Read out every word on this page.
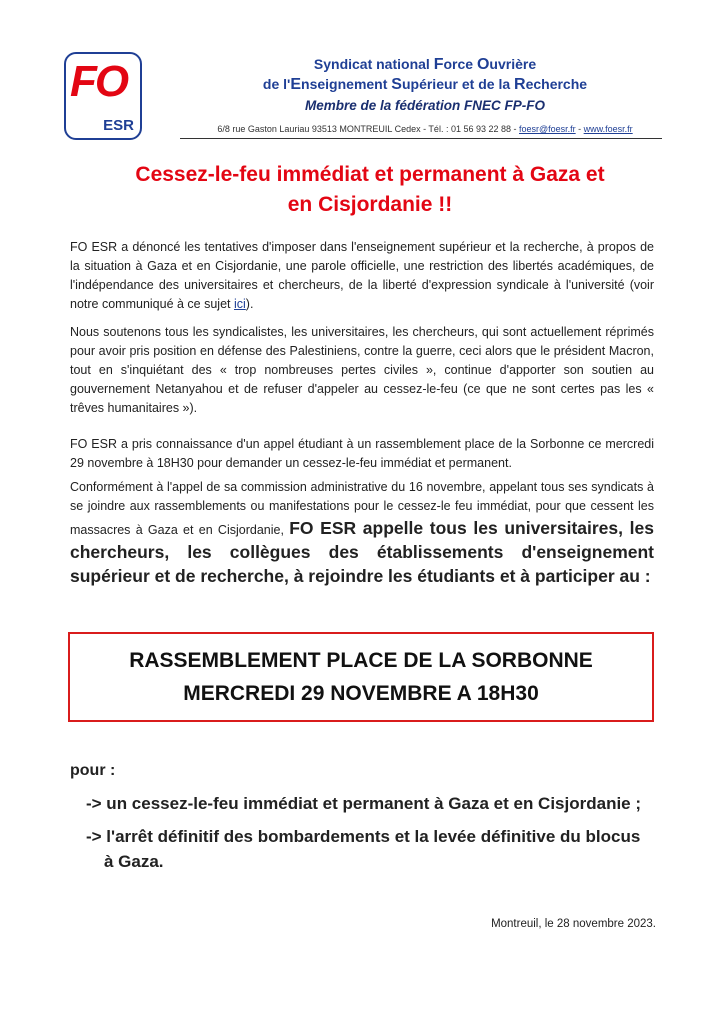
FO
ESR
Syndicat national Force Ouvrière
de l'Enseignement Supérieur et de la Recherche
Membre de la fédération FNEC FP-FO
6/8 rue Gaston Lauriau 93513 MONTREUIL Cedex - Tél. : 01 56 93 22 88 - foesr@foesr.fr - www.foesr.fr
Cessez-le-feu immédiat et permanent à Gaza et
en Cisjordanie !!
FO ESR a dénoncé les tentatives d'imposer dans l'enseignement supérieur et la recherche, à propos de la situation à Gaza et en Cisjordanie, une parole officielle, une restriction des libertés académiques, de l'indépendance des universitaires et chercheurs, de la liberté d'expression syndicale à l'université (voir notre communiqué à ce sujet ici).
Nous soutenons tous les syndicalistes, les universitaires, les chercheurs, qui sont actuellement réprimés pour avoir pris position en défense des Palestiniens, contre la guerre, ceci alors que le président Macron, tout en s'inquiétant des « trop nombreuses pertes civiles », continue d'apporter son soutien au gouvernement Netanyahou et de refuser d'appeler au cessez-le-feu (ce que ne sont certes pas les « trêves humanitaires »).
FO ESR a pris connaissance d'un appel étudiant à un rassemblement place de la Sorbonne ce mercredi 29 novembre à 18H30 pour demander un cessez-le-feu immédiat et permanent.
Conformément à l'appel de sa commission administrative du 16 novembre, appelant tous ses syndicats à se joindre aux rassemblements ou manifestations pour le cessez-le feu immédiat, pour que cessent les massacres à Gaza et en Cisjordanie, FO ESR appelle tous les universitaires, les chercheurs, les collègues des établissements d'enseignement supérieur et de recherche, à rejoindre les étudiants et à participer au :
RASSEMBLEMENT PLACE DE LA SORBONNE
MERCREDI 29 NOVEMBRE A 18H30
pour :
-> un cessez-le-feu immédiat et permanent à Gaza et en Cisjordanie ;
-> l'arrêt définitif des bombardements et la levée définitive du blocus
à Gaza.
Montreuil, le 28 novembre 2023.
